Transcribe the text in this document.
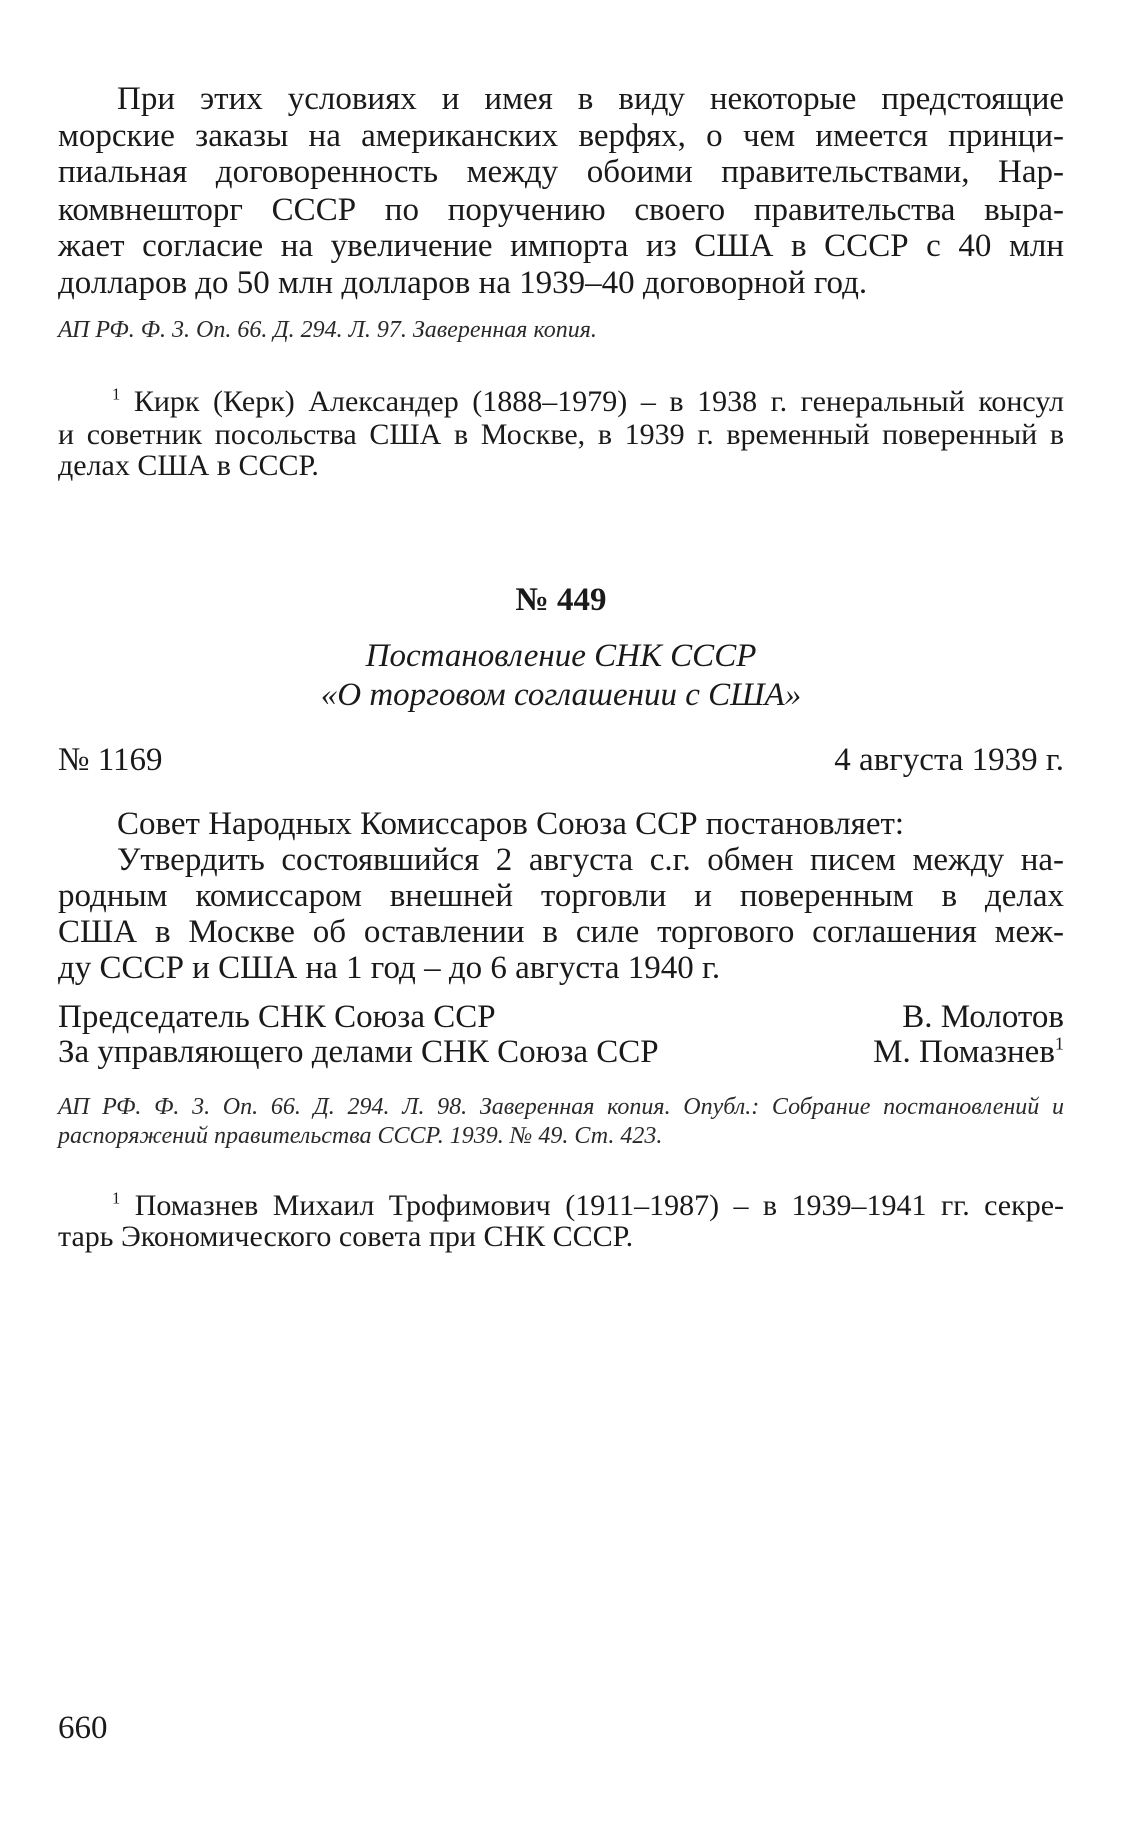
При этих условиях и имея в виду некоторые предстоящие
морские заказы на американских верфях, о чем имеется принци-
пиальная договоренность между обоими правительствами, Нар-
комвнешторг СССР по поручению своего правительства выра-
жает согласие на увеличение импорта из США в СССР с 40 млн
долларов до 50 млн долларов на 1939–40 договорной год.
АП РФ. Ф. 3. Оп. 66. Д. 294. Л. 97. Заверенная копия.
$^1$ Кирк (Керк) Александер (1888–1979) – в 1938 г. генеральный консул
и советник посольства США в Москве, в 1939 г. временный поверенный в
делах США в СССР.
№ 449
Постановление СНК СССР
«О торговом соглашении с США»
№ 1169	4 августа 1939 г.
Совет Народных Комиссаров Союза ССР постановляет:
Утвердить состоявшийся 2 августа с.г. обмен писем между на-
родным комиссаром внешней торговли и поверенным в делах
США в Москве об оставлении в силе торгового соглашения меж-
ду СССР и США на 1 год – до 6 августа 1940 г.
Председатель СНК Союза ССР	В. Молотов
За управляющего делами СНК Союза ССР	М. Помазнев$^1$
АП РФ. Ф. 3. Оп. 66. Д. 294. Л. 98. Заверенная копия. Опубл.: Собрание постановлений и
распоряжений правительства СССР. 1939. № 49. Ст. 423.
$^1$ Помазнев Михаил Трофимович (1911–1987) – в 1939–1941 гг. секре-
тарь Экономического совета при СНК СССР.
660
